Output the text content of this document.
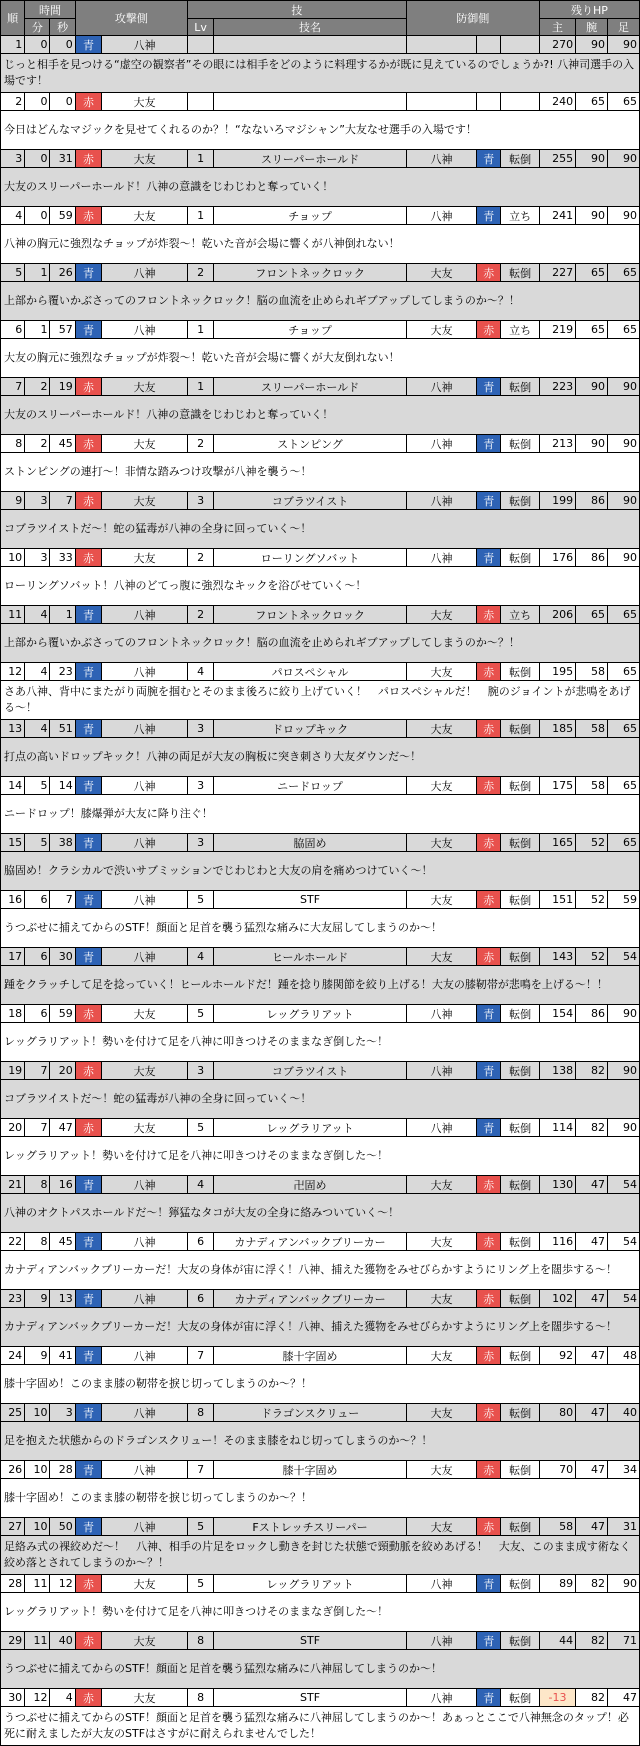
順	時間		攻撃側		技		防御側			残りHP		
	分	秒			Lv	技名				主	腕	足
1	0	0	青	八神						270	90	90
じっと相手を見つける“虚空の観察者”その眼には相手をどのように料理するかが既に見えているのでしょうか?! 八神司選手の入場です！												
2	0	0	赤	大友						240	65	65
今日はどんなマジックを見せてくれるのか？！“なないろマジシャン”大友なせ選手の入場です！												
3	0	31	赤	大友	1	スリーパーホールド	八神	青	転倒	255	90	90
大友のスリーパーホールド！八神の意識をじわじわと奪っていく！												
4	0	59	赤	大友	1	チョップ	八神	青	立ち	241	90	90
八神の胸元に強烈なチョップが炸裂～！乾いた音が会場に響くが八神倒れない！												
5	1	26	青	八神	2	フロントネックロック	大友	赤	転倒	227	65	65
上部から覆いかぶさってのフロントネックロック！脳の血流を止められギブアップしてしまうのか～？！												
6	1	57	青	八神	1	チョップ	大友	赤	立ち	219	65	65
大友の胸元に強烈なチョップが炸裂～！乾いた音が会場に響くが大友倒れない！												
7	2	19	赤	大友	1	スリーパーホールド	八神	青	転倒	223	90	90
大友のスリーパーホールド！八神の意識をじわじわと奪っていく！												
8	2	45	赤	大友	2	ストンピング	八神	青	転倒	213	90	90
ストンピングの連打～！非情な踏みつけ攻撃が八神を襲う～！												
9	3	7	赤	大友	3	コブラツイスト	八神	青	転倒	199	86	90
コブラツイストだ～！蛇の猛毒が八神の全身に回っていく～！												
10	3	33	赤	大友	2	ローリングソバット	八神	青	転倒	176	86	90
ローリングソバット！八神のどてっ腹に強烈なキックを浴びせていく～！												
11	4	1	青	八神	2	フロントネックロック	大友	赤	立ち	206	65	65
上部から覆いかぶさってのフロントネックロック！脳の血流を止められギブアップしてしまうのか～？！												
12	4	23	青	八神	4	パロスペシャル	大友	赤	転倒	195	58	65
さあ八神、背中にまたがり両腕を掴むとそのまま後ろに絞り上げていく！　パロスペシャルだ！　腕のジョイントが悲鳴をあげる～！												
13	4	51	青	八神	3	ドロップキック	大友	赤	転倒	185	58	65
打点の高いドロップキック！八神の両足が大友の胸板に突き刺さり大友ダウンだ～！												
14	5	14	青	八神	3	ニードロップ	大友	赤	転倒	175	58	65
ニードロップ！膝爆弾が大友に降り注ぐ！												
15	5	38	青	八神	3	脇固め	大友	赤	転倒	165	52	65
脇固め！クラシカルで渋いサブミッションでじわじわと大友の肩を痛めつけていく～！												
16	6	7	青	八神	5	STF	大友	赤	転倒	151	52	59
うつぶせに捕えてからのSTF！顔面と足首を襲う猛烈な痛みに大友屈してしまうのか～！												
17	6	30	青	八神	4	ヒールホールド	大友	赤	転倒	143	52	54
踵をクラッチして足を捻っていく！ヒールホールドだ！踵を捻り膝関節を絞り上げる！大友の膝靭帯が悲鳴を上げる～！！												
18	6	59	赤	大友	5	レッグラリアット	八神	青	転倒	154	86	90
レッグラリアット！勢いを付けて足を八神に叩きつけそのままなぎ倒した～！												
19	7	20	赤	大友	3	コブラツイスト	八神	青	転倒	138	82	90
コブラツイストだ～！蛇の猛毒が八神の全身に回っていく～！												
20	7	47	赤	大友	5	レッグラリアット	八神	青	転倒	114	82	90
レッグラリアット！勢いを付けて足を八神に叩きつけそのままなぎ倒した～！												
21	8	16	青	八神	4	卍固め	大友	赤	転倒	130	47	54
八神のオクトパスホールドだ～！獰猛なタコが大友の全身に絡みついていく～！												
22	8	45	青	八神	6	カナディアンバックブリーカー	大友	赤	転倒	116	47	54
カナディアンバックブリーカーだ！大友の身体が宙に浮く！八神、捕えた獲物をみせびらかすようにリング上を闊歩する～！												
23	9	13	青	八神	6	カナディアンバックブリーカー	大友	赤	転倒	102	47	54
カナディアンバックブリーカーだ！大友の身体が宙に浮く！八神、捕えた獲物をみせびらかすようにリング上を闊歩する～！												
24	9	41	青	八神	7	膝十字固め	大友	赤	転倒	92	47	48
膝十字固め！このまま膝の靭帯を捩じ切ってしまうのか～？！												
25	10	3	青	八神	8	ドラゴンスクリュー	大友	赤	転倒	80	47	40
足を抱えた状態からのドラゴンスクリュー！そのまま膝をねじ切ってしまうのか～？！												
26	10	28	青	八神	7	膝十字固め	大友	赤	転倒	70	47	34
膝十字固め！このまま膝の靭帯を捩じ切ってしまうのか～？！												
27	10	50	青	八神	5	Fストレッチスリーパー	大友	赤	転倒	58	47	31
足絡み式の裸絞めだ～！　八神、相手の片足をロックし動きを封じた状態で頸動脈を絞めあげる！　大友、このまま成す術なく絞め落とされてしまうのか～？！												
28	11	12	赤	大友	5	レッグラリアット	八神	青	転倒	89	82	90
レッグラリアット！勢いを付けて足を八神に叩きつけそのままなぎ倒した～！												
29	11	40	赤	大友	8	STF	八神	青	転倒	44	82	71
うつぶせに捕えてからのSTF！顔面と足首を襲う猛烈な痛みに八神屈してしまうのか～！												
30	12	4	赤	大友	8	STF	八神	青	転倒	-13	82	47
うつぶせに捕えてからのSTF！顔面と足首を襲う猛烈な痛みに八神屈してしまうのか～！あぁっとここで八神無念のタップ！必死に耐えましたが大友のSTFはさすがに耐えられませんでした！												
